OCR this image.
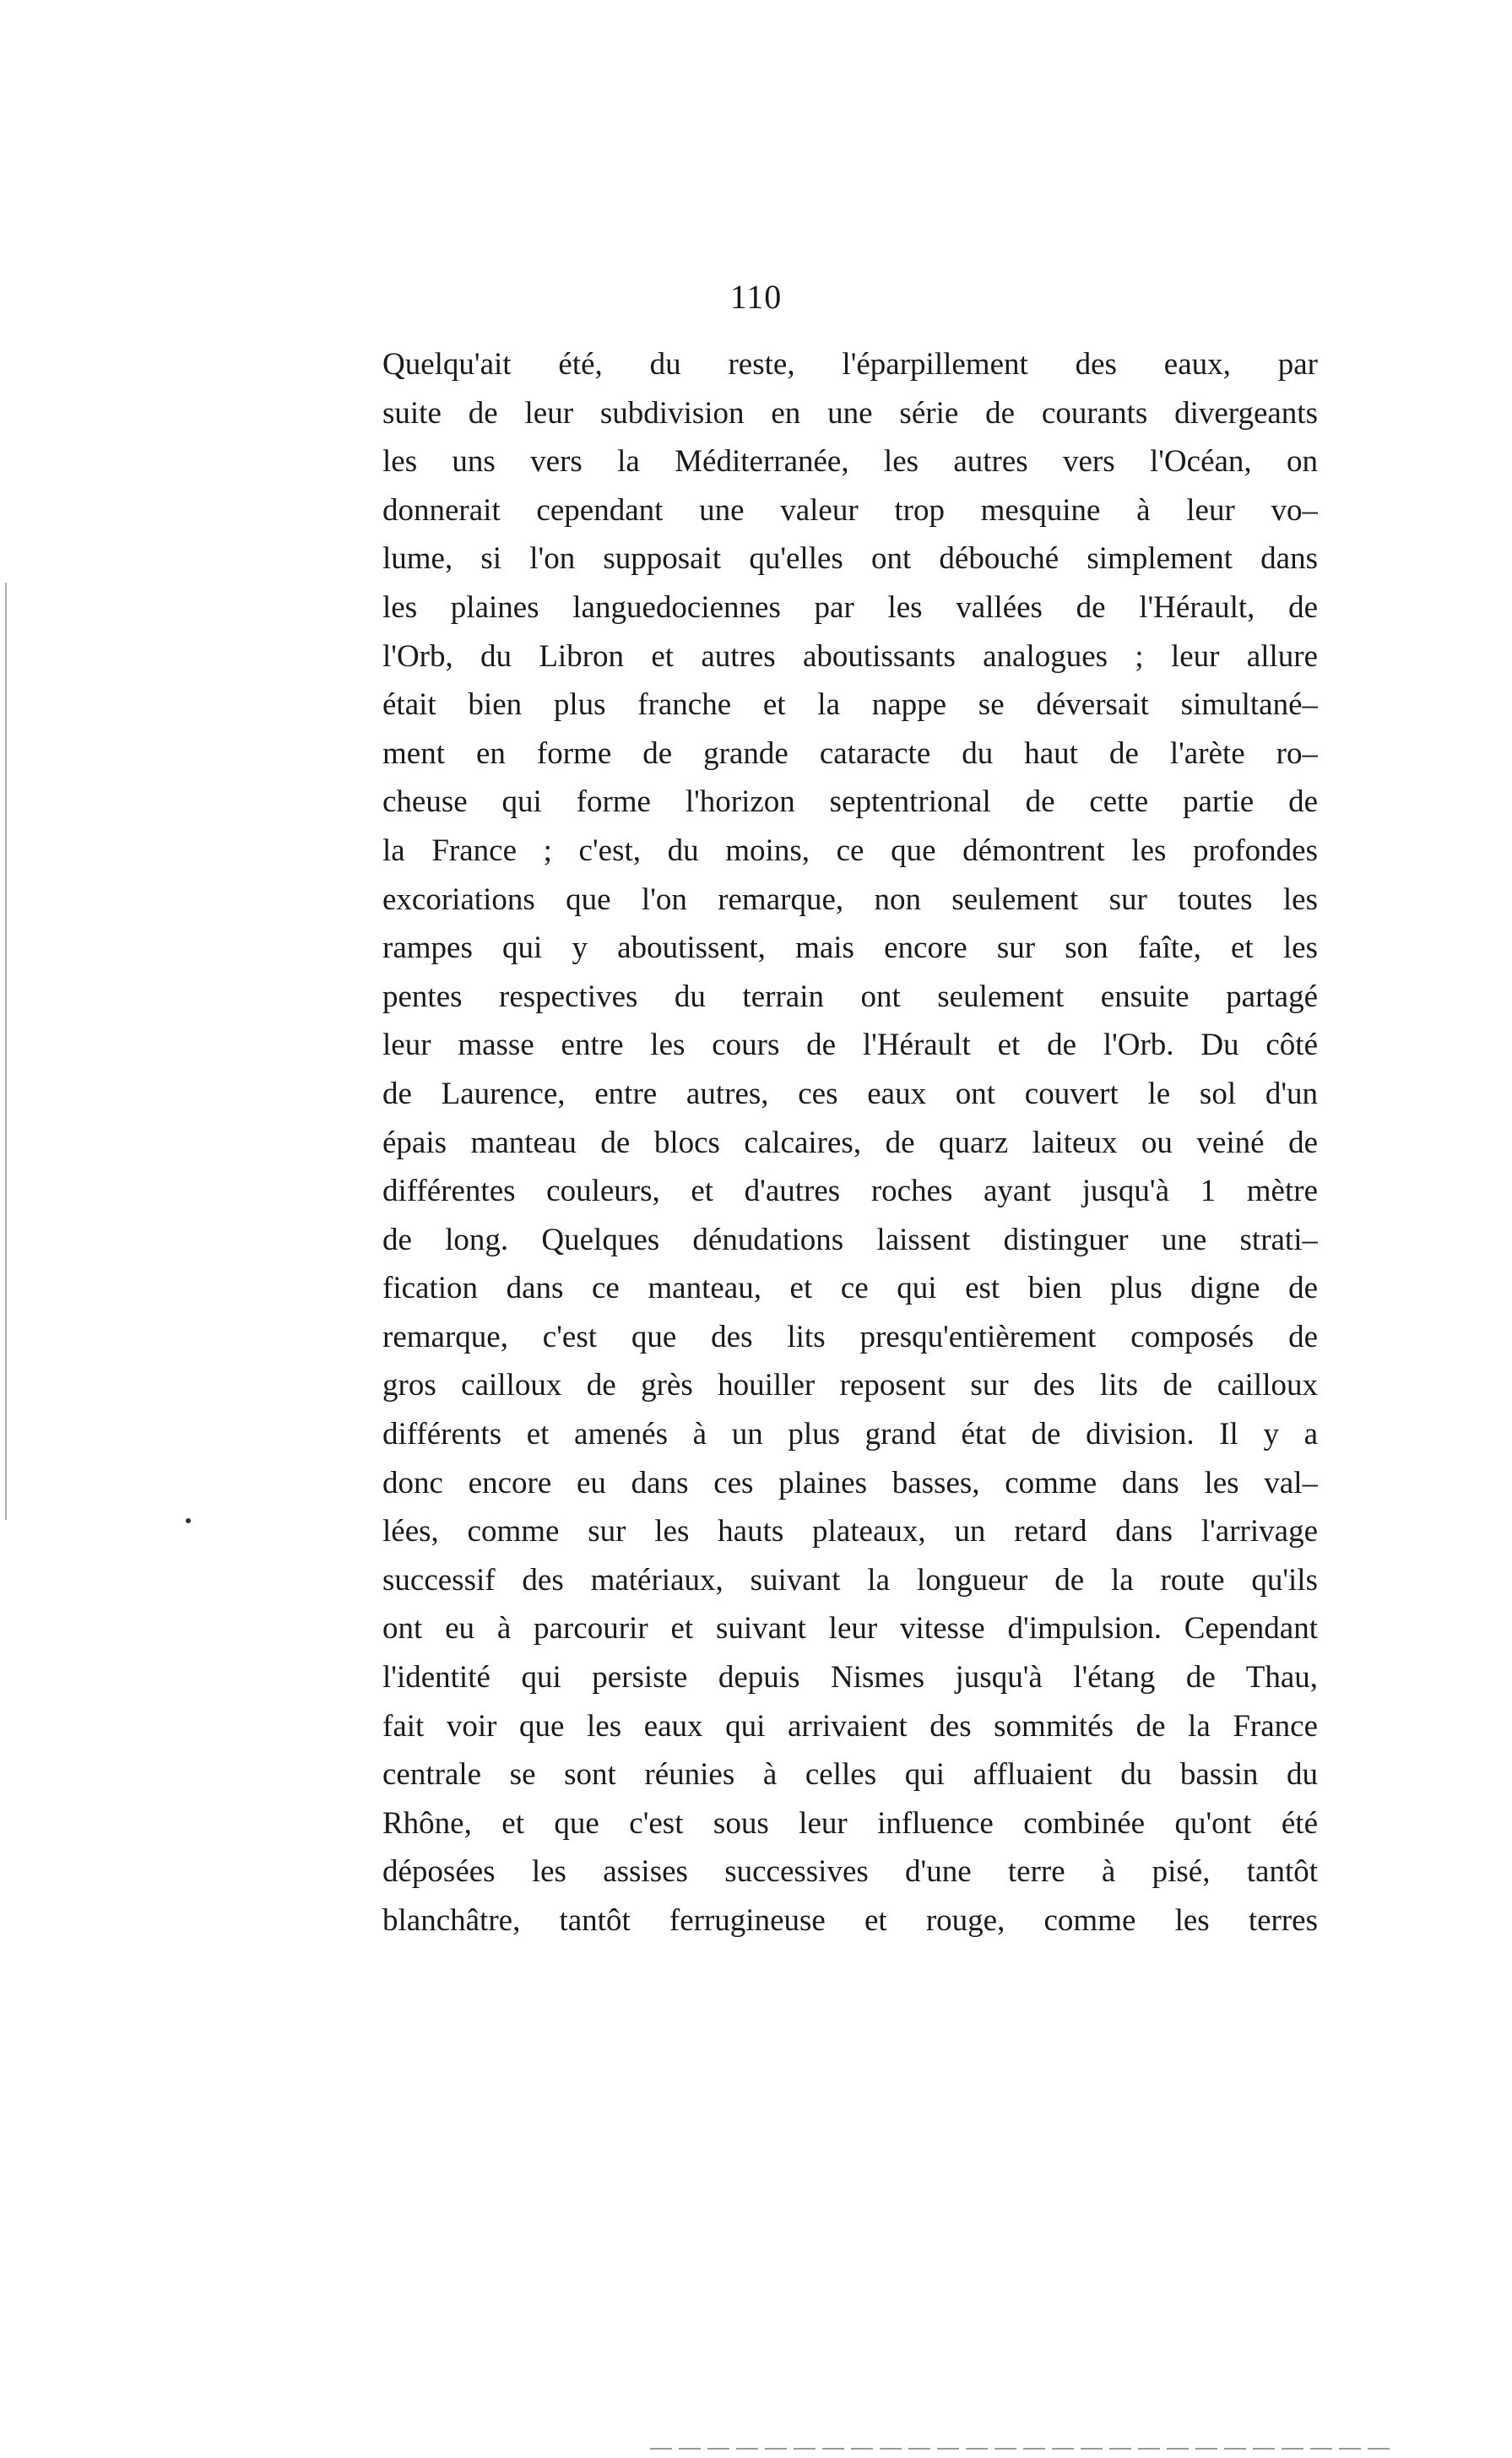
110
Quelqu'ait été, du reste, l'éparpillement des eaux, par
suite de leur subdivision en une série de courants divergeants
les uns vers la Méditerranée, les autres vers l'Océan, on
donnerait cependant une valeur trop mesquine à leur vo–
lume, si l'on supposait qu'elles ont débouché simplement dans
les plaines languedociennes par les vallées de l'Hérault, de
l'Orb, du Libron et autres aboutissants analogues ; leur allure
était bien plus franche et la nappe se déversait simultané–
ment en forme de grande cataracte du haut de l'arète ro–
cheuse qui forme l'horizon septentrional de cette partie de
la France ; c'est, du moins, ce que démontrent les profondes
excoriations que l'on remarque, non seulement sur toutes les
rampes qui y aboutissent, mais encore sur son faîte, et les
pentes respectives du terrain ont seulement ensuite partagé
leur masse entre les cours de l'Hérault et de l'Orb. Du côté
de Laurence, entre autres, ces eaux ont couvert le sol d'un
épais manteau de blocs calcaires, de quarz laiteux ou veiné de
différentes couleurs, et d'autres roches ayant jusqu'à 1 mètre
de long. Quelques dénudations laissent distinguer une strati–
fication dans ce manteau, et ce qui est bien plus digne de
remarque, c'est que des lits presqu'entièrement composés de
gros cailloux de grès houiller reposent sur des lits de cailloux
différents et amenés à un plus grand état de division. Il y a
donc encore eu dans ces plaines basses, comme dans les val–
lées, comme sur les hauts plateaux, un retard dans l'arrivage
successif des matériaux, suivant la longueur de la route qu'ils
ont eu à parcourir et suivant leur vitesse d'impulsion. Cependant
l'identité qui persiste depuis Nismes jusqu'à l'étang de Thau,
fait voir que les eaux qui arrivaient des sommités de la France
centrale se sont réunies à celles qui affluaient du bassin du
Rhône, et que c'est sous leur influence combinée qu'ont été
déposées les assises successives d'une terre à pisé, tantôt
blanchâtre, tantôt ferrugineuse et rouge, comme les terres
